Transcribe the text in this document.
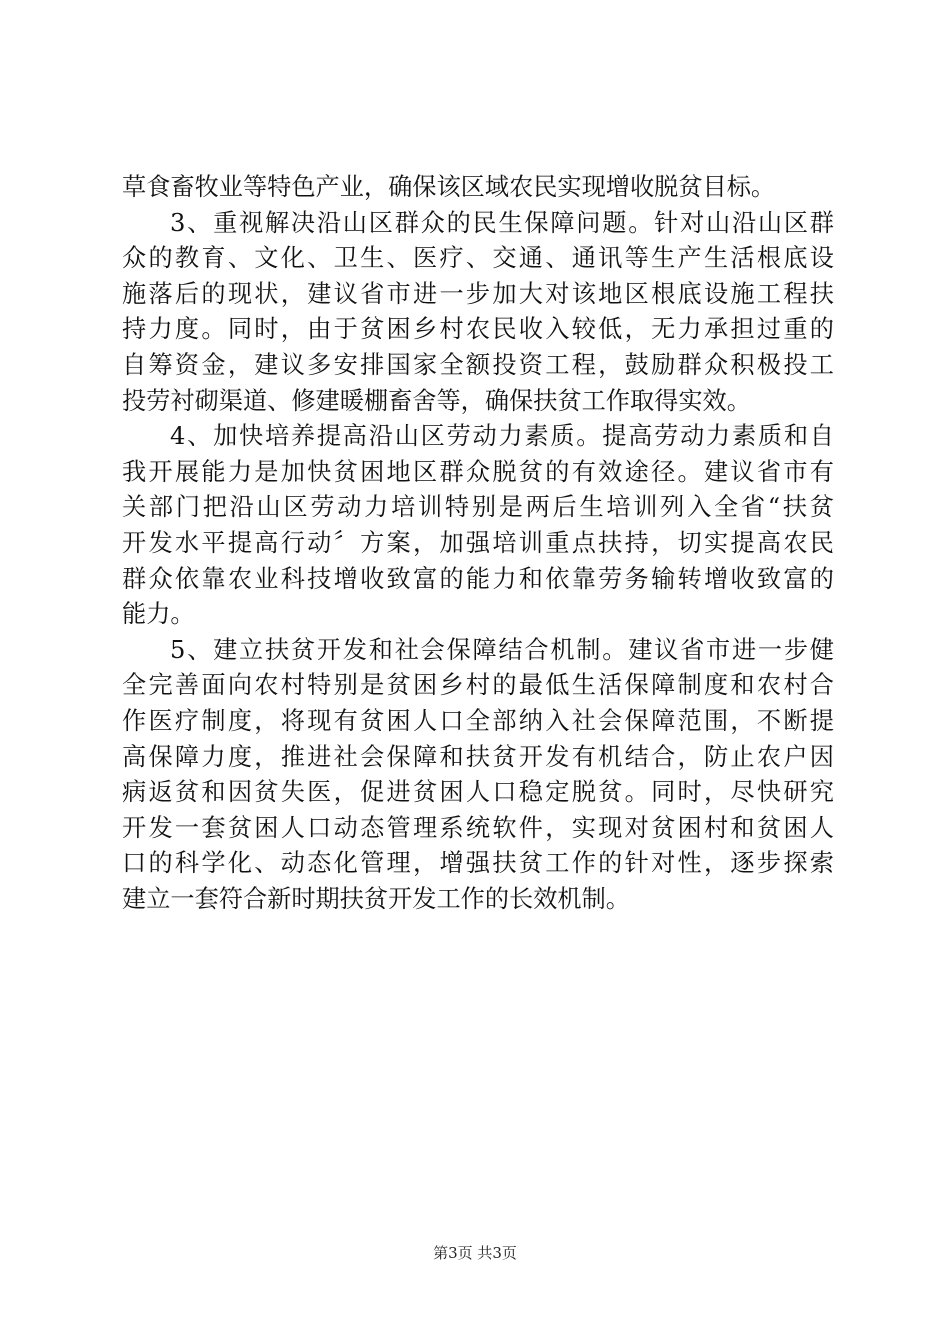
草食畜牧业等特色产业，确保该区域农民实现增收脱贫目标。
3、重视解决沿山区群众的民生保障问题。针对山沿山区群
众的教育、文化、卫生、医疗、交通、通讯等生产生活根底设
施落后的现状，建议省市进一步加大对该地区根底设施工程扶
持力度。同时，由于贫困乡村农民收入较低，无力承担过重的
自筹资金，建议多安排国家全额投资工程，鼓励群众积极投工
投劳衬砌渠道、修建暖棚畜舍等，确保扶贫工作取得实效。
4、加快培养提高沿山区劳动力素质。提高劳动力素质和自
我开展能力是加快贫困地区群众脱贫的有效途径。建议省市有
关部门把沿山区劳动力培训特别是两后生培训列入全省“扶贫
开发水平提高行动〞方案，加强培训重点扶持，切实提高农民
群众依靠农业科技增收致富的能力和依靠劳务输转增收致富的
能力。
5、建立扶贫开发和社会保障结合机制。建议省市进一步健
全完善面向农村特别是贫困乡村的最低生活保障制度和农村合
作医疗制度，将现有贫困人口全部纳入社会保障范围，不断提
高保障力度，推进社会保障和扶贫开发有机结合，防止农户因
病返贫和因贫失医，促进贫困人口稳定脱贫。同时，尽快研究
开发一套贫困人口动态管理系统软件，实现对贫困村和贫困人
口的科学化、动态化管理，增强扶贫工作的针对性，逐步探索
建立一套符合新时期扶贫开发工作的长效机制。
第3页 共3页
